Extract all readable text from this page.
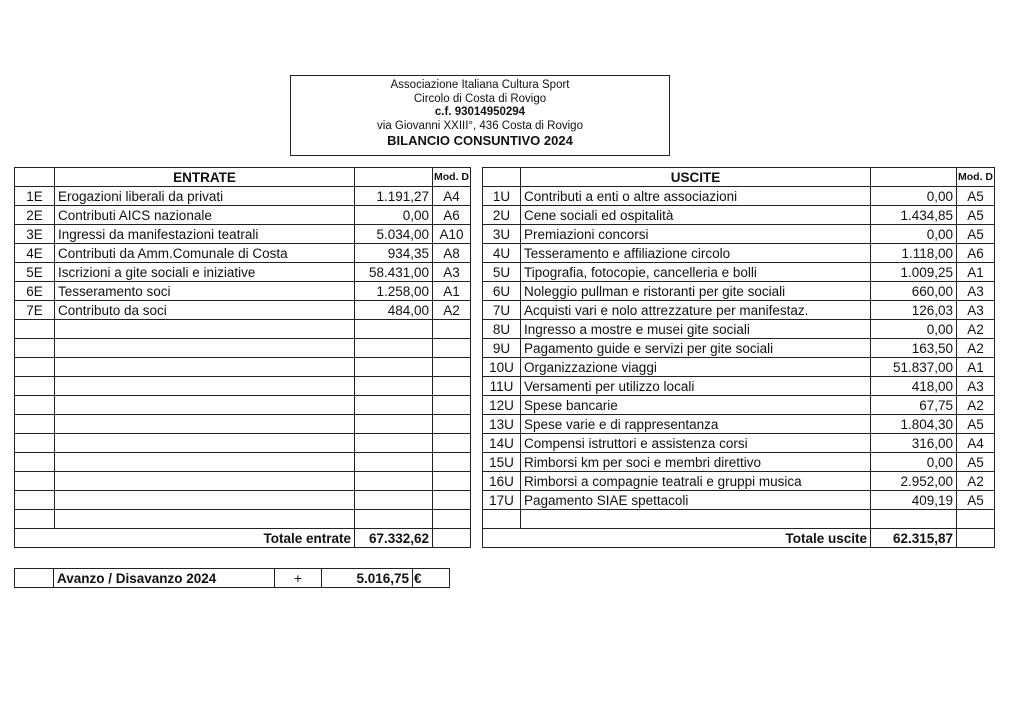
Associazione Italiana Cultura Sport
Circolo di Costa di Rovigo
c.f. 93014950294
via Giovanni XXIII°, 436 Costa di Rovigo
BILANCIO CONSUNTIVO 2024
	ENTRATE		Mod. D
1E	Erogazioni liberali da privati	1.191,27	A4
2E	Contributi AICS nazionale	0,00	A6
3E	Ingressi da manifestazioni teatrali	5.034,00	A10
4E	Contributi da Amm.Comunale di Costa	934,35	A8
5E	Iscrizioni a gite sociali e iniziative	58.431,00	A3
6E	Tesseramento soci	1.258,00	A1
7E	Contributo da soci	484,00	A2

Totale entrate		67.332,62	
	USCITE		Mod. D
1U	Contributi a enti o altre associazioni	0,00	A5
2U	Cene sociali ed ospitalità	1.434,85	A5
3U	Premiazioni concorsi	0,00	A5
4U	Tesseramento e affiliazione circolo	1.118,00	A6
5U	Tipografia, fotocopie, cancelleria e bolli	1.009,25	A1
6U	Noleggio pullman e ristoranti per gite sociali	660,00	A3
7U	Acquisti vari e nolo attrezzature per manifestaz.	126,03	A3
8U	Ingresso a mostre e musei gite sociali	0,00	A2
9U	Pagamento guide e servizi per gite sociali	163,50	A2
10U	Organizzazione viaggi	51.837,00	A1
11U	Versamenti per utilizzo locali	418,00	A3
12U	Spese bancarie	67,75	A2
13U	Spese varie e di rappresentanza	1.804,30	A5
14U	Compensi istruttori e assistenza corsi	316,00	A4
15U	Rimborsi km per soci e membri direttivo	0,00	A5
16U	Rimborsi a compagnie teatrali e gruppi musica	2.952,00	A2
17U	Pagamento SIAE spettacoli	409,19	A5

Totale uscite		62.315,87	
	Avanzo / Disavanzo 2024	+	5.016,75	€
